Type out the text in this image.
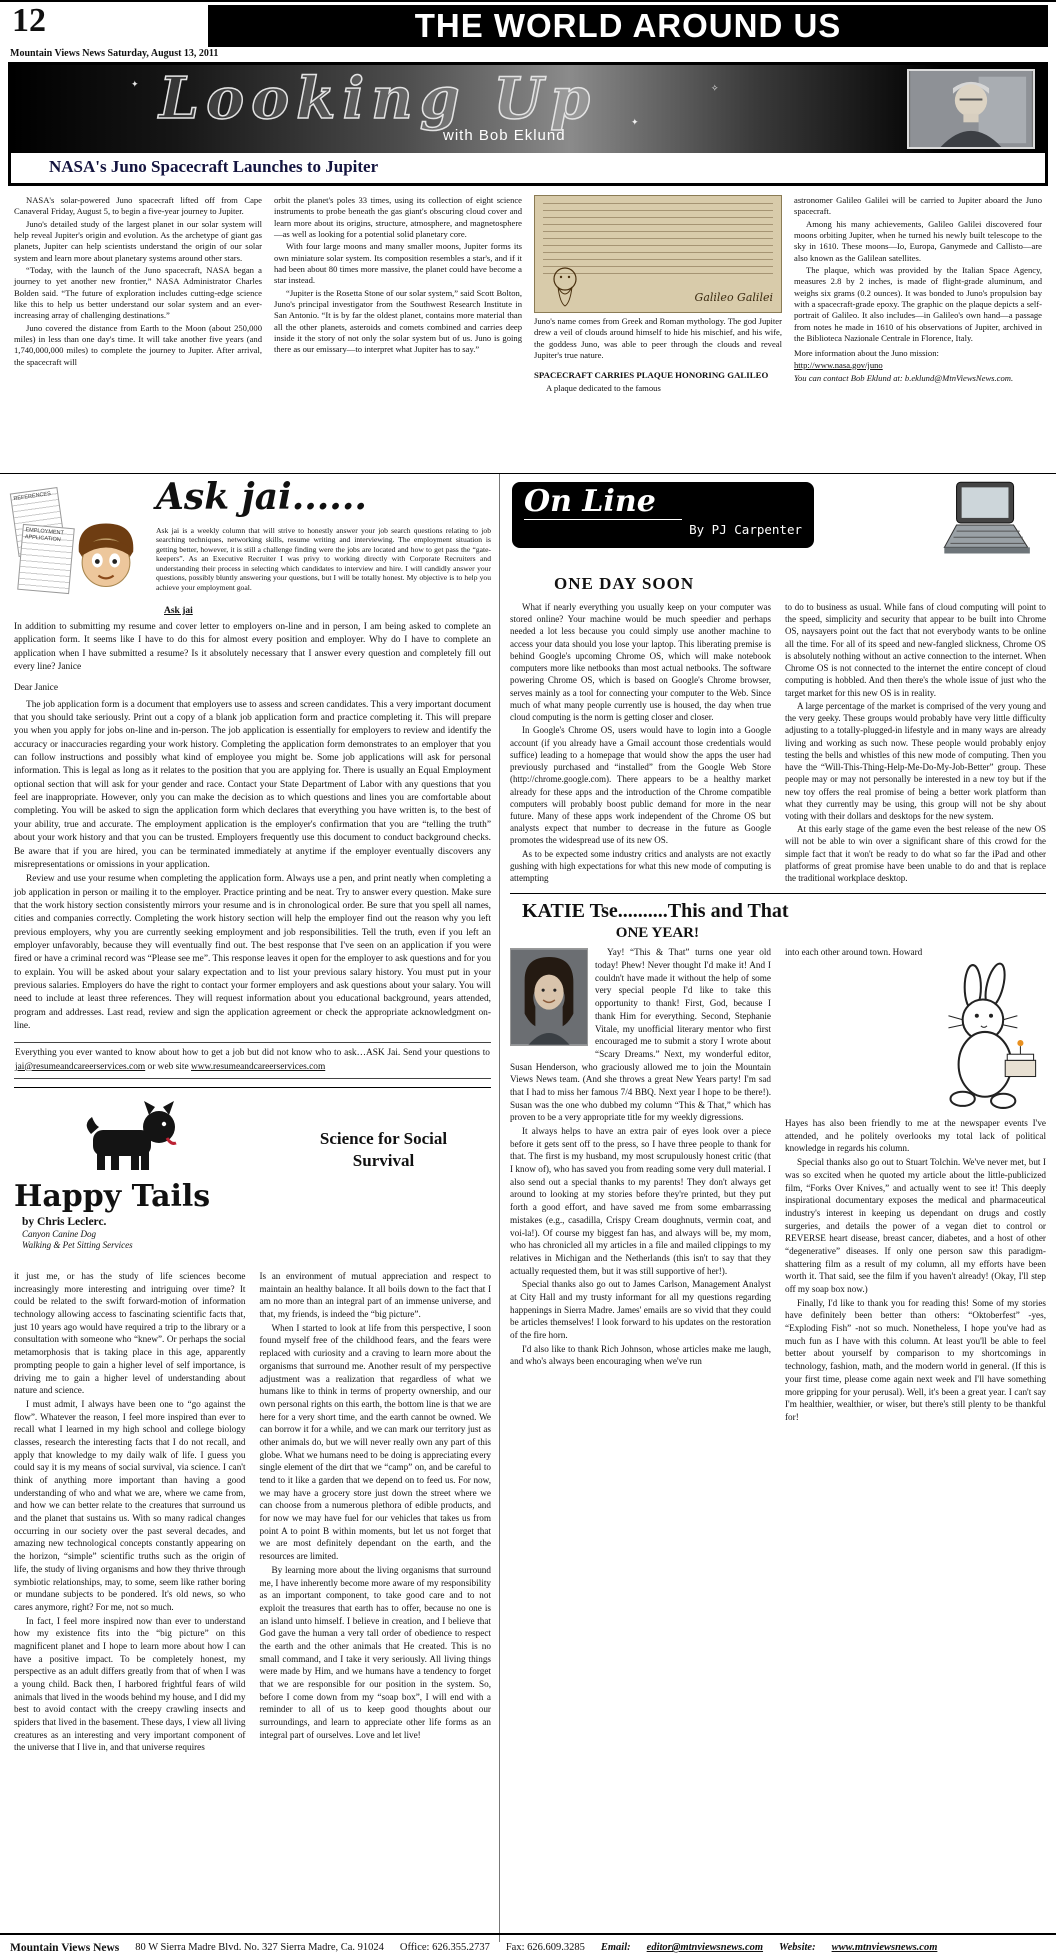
THE WORLD AROUND US
12
Mountain Views News Saturday, August 13, 2011
✦
✦
✧
Looking Up
with Bob Eklund
NASA's Juno Spacecraft Launches to Jupiter

NASA's solar-powered Juno spacecraft lifted off from Cape Canaveral Friday, August 5, to begin a five-year journey to Jupiter.

Juno's detailed study of the largest planet in our solar system will help reveal Jupiter's origin and evolution. As the archetype of giant gas planets, Jupiter can help scientists understand the origin of our solar system and learn more about planetary systems around other stars.

“Today, with the launch of the Juno spacecraft, NASA began a journey to yet another new frontier,” NASA Administrator Charles Bolden said. “The future of exploration includes cutting-edge science like this to help us better understand our solar system and an ever-increasing array of challenging destinations.”

Juno covered the distance from Earth to the Moon (about 250,000 miles) in less than one day's time. It will take another five years (and 1,740,000,000 miles) to complete the journey to Jupiter. After arrival, the spacecraft will

orbit the planet's poles 33 times, using its collection of eight science instruments to probe beneath the gas giant's obscuring cloud cover and learn more about its origins, structure, atmosphere, and magnetosphere—as well as looking for a potential solid planetary core.

With four large moons and many smaller moons, Jupiter forms its own miniature solar system. Its composition resembles a star's, and if it had been about 80 times more massive, the planet could have become a star instead.

“Jupiter is the Rosetta Stone of our solar system,” said Scott Bolton, Juno's principal investigator from the Southwest Research Institute in San Antonio. “It is by far the oldest planet, contains more material than all the other planets, asteroids and comets combined and carries deep inside it the story of not only the solar system but of us. Juno is going there as our emissary—to interpret what Jupiter has to say.”

Galileo Galilei

Juno's name comes from Greek and Roman mythology. The god Jupiter drew a veil of clouds around himself to hide his mischief, and his wife, the goddess Juno, was able to peer through the clouds and reveal Jupiter's true nature.

SPACECRAFT CARRIES PLAQUE HONORING GALILEO

A plaque dedicated to the famous

astronomer Galileo Galilei will be carried to Jupiter aboard the Juno spacecraft.

Among his many achievements, Galileo Galilei discovered four moons orbiting Jupiter, when he turned his newly built telescope to the sky in 1610. These moons—Io, Europa, Ganymede and Callisto—are also known as the Galilean satellites.

The plaque, which was provided by the Italian Space Agency, measures 2.8 by 2 inches, is made of flight-grade aluminum, and weighs six grams (0.2 ounces). It was bonded to Juno's propulsion bay with a spacecraft-grade epoxy. The graphic on the plaque depicts a self-portrait of Galileo. It also includes—in Galileo's own hand—a passage from notes he made in 1610 of his observations of Jupiter, archived in the Biblioteca Nazionale Centrale in Florence, Italy.

More information about the Juno mission:

http://www.nasa.gov/juno

You can contact Bob Eklund at: b.eklund@MtnViewsNews.com.

REFERENCES
EMPLOYMENT APPLICATION
Ask jai......
Ask jai is a weekly column that will strive to honestly answer your job search questions relating to job searching techniques, networking skills, resume writing and interviewing. The employment situation is getting better, however, it is still a challenge finding were the jobs are located and how to get pass the “gate-keepers”. As an Executive Recruiter I was privy to working directly with Corporate Recruiters and understanding their process in selecting which candidates to interview and hire. I will candidly answer your questions, possibly bluntly answering your questions, but I will be totally honest. My objective is to help you achieve your employment goal.
Ask jai

In addition to submitting my resume and cover letter to employers on-line and in person, I am being asked to complete an application form. It seems like I have to do this for almost every position and employer. Why do I have to complete an application when I have submitted a resume? Is it absolutely necessary that I answer every question and completely fill out every line? Janice

Dear Janice

The job application form is a document that employers use to assess and screen candidates. This a very important document that you should take seriously. Print out a copy of a blank job application form and practice completing it. This will prepare you when you apply for jobs on-line and in-person. The job application is essentially for employers to review and identify the accuracy or inaccuracies regarding your work history. Completing the application form demonstrates to an employer that you can follow instructions and possibly what kind of employee you might be. Some job applications will ask for personal information. This is legal as long as it relates to the position that you are applying for. There is usually an Equal Employment optional section that will ask for your gender and race. Contact your State Department of Labor with any questions that you feel are inappropriate. However, only you can make the decision as to which questions and lines you are comfortable about completing. You will be asked to sign the application form which declares that everything you have written is, to the best of your ability, true and accurate. The employment application is the employer's confirmation that you are “telling the truth” about your work history and that you can be trusted. Employers frequently use this document to conduct background checks. Be aware that if you are hired, you can be terminated immediately at anytime if the employer eventually discovers any misrepresentations or omissions in your application.

Review and use your resume when completing the application form. Always use a pen, and print neatly when completing a job application in person or mailing it to the employer. Practice printing and be neat. Try to answer every question. Make sure that the work history section consistently mirrors your resume and is in chronological order. Be sure that you spell all names, cities and companies correctly. Completing the work history section will help the employer find out the reason why you left previous employers, why you are currently seeking employment and job responsibilities. Tell the truth, even if you left an employer unfavorably, because they will eventually find out. The best response that I've seen on an application if you were fired or have a criminal record was “Please see me”. This response leaves it open for the employer to ask questions and for you to explain. You will be asked about your salary expectation and to list your previous salary history. You must put in your previous salaries. Employers do have the right to contact your former employers and ask questions about your salary. You will need to include at least three references. They will request information about you educational background, years attended, program and addresses. Last read, review and sign the application agreement or check the appropriate acknowledgment on-line.

Everything you ever wanted to know about how to get a job but did not know who to ask…ASK Jai. Send your questions to jai@resumeandcareerservices.com or web site www.resumeandcareerservices.com
Happy Tails
by Chris Leclerc.
Canyon Canine Dog
Walking & Pet Sitting Services
Science for Social Survival

it just me, or has the study of life sciences become increasingly more interesting and intriguing over time? It could be related to the swift forward-motion of information technology allowing access to fascinating scientific facts that, just 10 years ago would have required a trip to the library or a consultation with someone who “knew”. Or perhaps the social metamorphosis that is taking place in this age, apparently prompting people to gain a higher level of self importance, is driving me to gain a higher level of understanding about nature and science.

I must admit, I always have been one to “go against the flow”. Whatever the reason, I feel more inspired than ever to recall what I learned in my high school and college biology classes, research the interesting facts that I do not recall, and apply that knowledge to my daily walk of life. I guess you could say it is my means of social survival, via science. I can't think of anything more important than having a good understanding of who and what we are, where we came from, and how we can better relate to the creatures that surround us and the planet that sustains us. With so many radical changes occurring in our society over the past several decades, and amazing new technological concepts constantly appearing on the horizon, “simple” scientific truths such as the origin of life, the study of living organisms and how they thrive through symbiotic relationships, may, to some, seem like rather boring or mundane subjects to be pondered. It's old news, so who cares anymore, right? For me, not so much.

In fact, I feel more inspired now than ever to understand how my existence fits into the “big picture” on this magnificent planet and I hope to learn more about how I can have a positive impact. To be completely honest, my perspective as an adult differs greatly from that of when I was a young child. Back then, I harbored frightful fears of wild animals that lived in the woods behind my house, and I did my best to avoid contact with the creepy crawling insects and spiders that lived in the basement. These days, I view all living creatures as an interesting and very important component of the universe that I live in, and that universe requires

Is an environment of mutual appreciation and respect to maintain an healthy balance. It all boils down to the fact that I am no more than an integral part of an immense universe, and that, my friends, is indeed the “big picture”.

When I started to look at life from this perspective, I soon found myself free of the childhood fears, and the fears were replaced with curiosity and a craving to learn more about the organisms that surround me. Another result of my perspective adjustment was a realization that regardless of what we humans like to think in terms of property ownership, and our own personal rights on this earth, the bottom line is that we are here for a very short time, and the earth cannot be owned. We can borrow it for a while, and we can mark our territory just as other animals do, but we will never really own any part of this globe. What we humans need to be doing is appreciating every single element of the dirt that we “camp” on, and be careful to tend to it like a garden that we depend on to feed us. For now, we may have a grocery store just down the street where we can choose from a numerous plethora of edible products, and for now we may have fuel for our vehicles that takes us from point A to point B within moments, but let us not forget that we are most definitely dependant on the earth, and the resources are limited.

By learning more about the living organisms that surround me, I have inherently become more aware of my responsibility as an important component, to take good care and to not exploit the treasures that earth has to offer, because no one is an island unto himself. I believe in creation, and I believe that God gave the human a very tall order of obedience to respect the earth and the other animals that He created. This is no small command, and I take it very seriously. All living things were made by Him, and we humans have a tendency to forget that we are responsible for our position in the system. So, before I come down from my “soap box”, I will end with a reminder to all of us to keep good thoughts about our surroundings, and learn to appreciate other life forms as an integral part of ourselves. Love and let live!

On Line
By PJ Carpenter
ONE DAY SOON

What if nearly everything you usually keep on your computer was stored online? Your machine would be much speedier and perhaps needed a lot less because you could simply use another machine to access your data should you lose your laptop. This liberating premise is behind Google's upcoming Chrome OS, which will make notebook computers more like netbooks than most actual netbooks. The software powering Chrome OS, which is based on Google's Chrome browser, serves mainly as a tool for connecting your computer to the Web. Since much of what many people currently use is housed, the day when true cloud computing is the norm is getting closer and closer.

In Google's Chrome OS, users would have to login into a Google account (if you already have a Gmail account those credentials would suffice) leading to a homepage that would show the apps the user had previously purchased and “installed” from the Google Web Store (http://chrome.google.com). There appears to be a healthy market already for these apps and the introduction of the Chrome compatible computers will probably boost public demand for more in the near future. Many of these apps work independent of the Chrome OS but analysts expect that number to decrease in the future as Google promotes the widespread use of its new OS.

As to be expected some industry critics and analysts are not exactly gushing with high expectations for what this new mode of computing is attempting

to do to business as usual. While fans of cloud computing will point to the speed, simplicity and security that appear to be built into Chrome OS, naysayers point out the fact that not everybody wants to be online all the time. For all of its speed and new-fangled slickness, Chrome OS is absolutely nothing without an active connection to the internet. When Chrome OS is not connected to the internet the entire concept of cloud computing is hobbled. And then there's the whole issue of just who the target market for this new OS is in reality.

A large percentage of the market is comprised of the very young and the very geeky. These groups would probably have very little difficulty adjusting to a totally-plugged-in lifestyle and in many ways are already living and working as such now. These people would probably enjoy testing the bells and whistles of this new mode of computing. Then you have the “Will-This-Thing-Help-Me-Do-My-Job-Better” group. These people may or may not personally be interested in a new toy but if the new toy offers the real promise of being a better work platform than what they currently may be using, this group will not be shy about voting with their dollars and desktops for the new system.

At this early stage of the game even the best release of the new OS will not be able to win over a significant share of this crowd for the simple fact that it won't be ready to do what so far the iPad and other platforms of great promise have been unable to do and that is replace the traditional workplace desktop.

KATIE Tse..........This and That
ONE YEAR!

Yay! “This & That” turns one year old today! Phew! Never thought I'd make it! And I couldn't have made it without the help of some very special people I'd like to take this opportunity to thank! First, God, because I thank Him for everything. Second, Stephanie Vitale, my unofficial literary mentor who first encouraged me to submit a story I wrote about “Scary Dreams.” Next, my wonderful editor, Susan Henderson, who graciously allowed me to join the Mountain Views News team. (And she throws a great New Years party! I'm sad that I had to miss her famous 7/4 BBQ. Next year I hope to be there!). Susan was the one who dubbed my column “This & That,” which has proven to be a very appropriate title for my weekly digressions.

It always helps to have an extra pair of eyes look over a piece before it gets sent off to the press, so I have three people to thank for that. The first is my husband, my most scrupulously honest critic (that I know of), who has saved you from reading some very dull material. I also send out a special thanks to my parents! They don't always get around to looking at my stories before they're printed, but they put forth a good effort, and have saved me from some embarrassing mistakes (e.g., casadilla, Crispy Cream doughnuts, vermin coat, and voi-la!). Of course my biggest fan has, and always will be, my mom, who has chronicled all my articles in a file and mailed clippings to my relatives in Michigan and the Netherlands (this isn't to say that they actually requested them, but it was still supportive of her!).

Special thanks also go out to James Carlson, Management Analyst at City Hall and my trusty informant for all my questions regarding happenings in Sierra Madre. James' emails are so vivid that they could be articles themselves! I look forward to his updates on the restoration of the fire horn.

I'd also like to thank Rich Johnson, whose articles make me laugh, and who's always been encouraging when we've run

into each other around town. Howard

Hayes has also been friendly to me at the newspaper events I've attended, and he politely overlooks my total lack of political knowledge in regards his column.

Special thanks also go out to Stuart Tolchin. We've never met, but I was so excited when he quoted my article about the little-publicized film, “Forks Over Knives,” and actually went to see it! This deeply inspirational documentary exposes the medical and pharmaceutical industry's interest in keeping us dependant on drugs and costly surgeries, and details the power of a vegan diet to control or REVERSE heart disease, breast cancer, diabetes, and a host of other “degenerative” diseases. If only one person saw this paradigm-shattering film as a result of my column, all my efforts have been worth it. That said, see the film if you haven't already! (Okay, I'll step off my soap box now.)

Finally, I'd like to thank you for reading this! Some of my stories have definitely been better than others: “Oktoberfest” -yes, “Exploding Fish” -not so much. Nonetheless, I hope you've had as much fun as I have with this column. At least you'll be able to feel better about yourself by comparison to my shortcomings in technology, fashion, math, and the modern world in general. (If this is your first time, please come again next week and I'll have something more gripping for your perusal). Well, it's been a great year. I can't say I'm healthier, wealthier, or wiser, but there's still plenty to be thankful for!

Mountain Views News 80 W Sierra Madre Blvd. No. 327 Sierra Madre, Ca. 91024 Office: 626.355.2737 Fax: 626.609.3285 Email: editor@mtnviewsnews.com Website: www.mtnviewsnews.com
